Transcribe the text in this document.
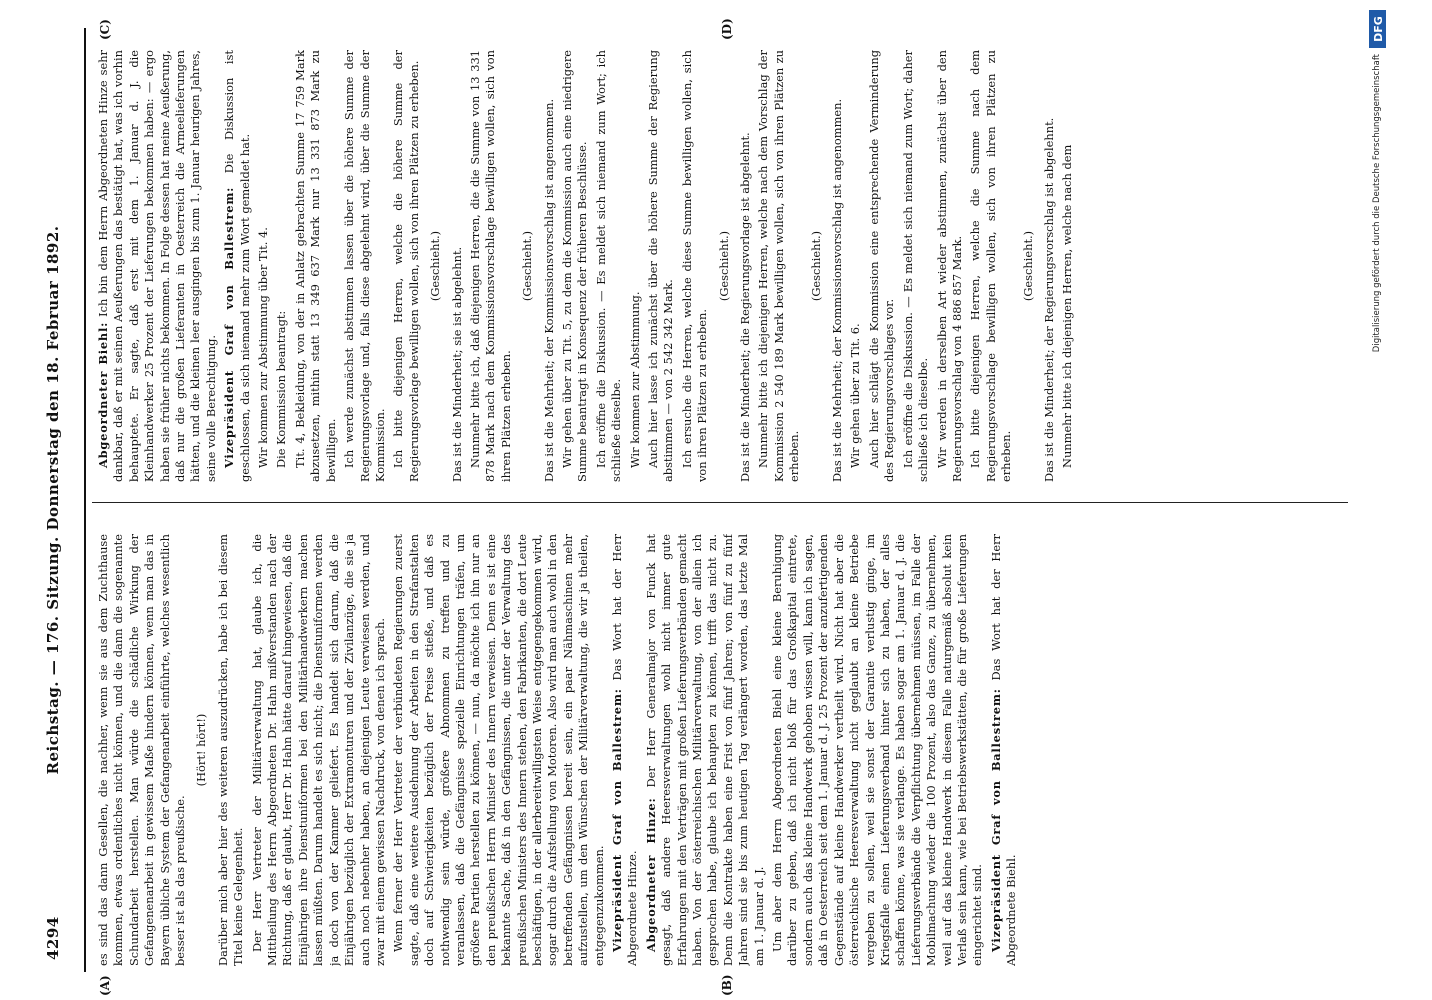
4294
Reichstag. — 176. Sitzung. Donnerstag den 18. Februar 1892.
(A)	(B)
(C)	(D)

es sind das dann Gesellen, die nachher, wenn sie aus dem Zuchthause kommen, etwas ordentliches nicht können, und die dann die sogenannte Schundarbeit herstellen. Man würde die schädliche Wirkung der Gefangenenarbeit in gewissem Maße hindern können, wenn man das in Bayern übliche System der Gefangenarbeit einführte, welches wesentlich besser ist als das preußische.

(Hört! hört!) Darüber mich aber hier des weiteren auszudrücken, habe ich bei diesem Titel keine Gelegenheit. Der Herr Vertreter der Militärverwaltung hat, glaube ich, die Mittheilung des Herrn Abgeordneten Dr. Hahn mißverstanden nach der Richtung, daß er glaubt, Herr Dr. Hahn hätte darauf hingewiesen, daß die Einjährigen ihre Dienstuniformen bei den Militärhandwerkern machen lassen müßten. Darum handelt es sich nicht; die Dienstuniformen werden ja doch von der Kammer geliefert. Es handelt sich darum, daß die Einjährigen bezüglich der Extramonturen und der Zivilanzüge, die sie ja auch noch nebenher haben, an diejenigen Leute verwiesen werden, und zwar mit einem gewissen Nachdruck, von denen ich sprach. Wenn ferner der Herr Vertreter der verbündeten Regierungen zuerst sagte, daß eine weitere Ausdehnung der Arbeiten in den Strafanstalten doch auf Schwierigkeiten bezüglich der Preise stieße, und daß es nothwendig sein würde, größere Abnommen zu treffen und zu veranlassen, daß die Gefängnisse spezielle Einrichtungen träfen, um größere Partien herstellen zu können, — nun, da möchte ich ihn nur an den preußischen Herrn Minister des Innern verweisen. Denn es ist eine bekannte Sache, daß in den Gefängnissen, die unter der Verwaltung des preußischen Ministers des Innern stehen, den Fabrikanten, die dort Leute beschäftigen, in der allerbereitwilligsten Weise entgegengekommen wird, sogar durch die Aufstellung von Motoren. Also wird man auch wohl in den betreffenden Gefängnissen bereit sein, ein paar Nähmaschinen mehr aufzustellen, um den Wünschen der Militärverwaltung, die wir ja theilen, entgegenzukommen. Vizepräsident Graf von Ballestrem: Das Wort hat der Herr Abgeordnete Hinze. Abgeordneter Hinze: Der Herr Generalmajor von Funck hat gesagt, daß andere Heeresverwaltungen wohl nicht immer gute Erfahrungen mit den Verträgen mit großen Lieferungsverbänden gemacht haben. Von der österreichischen Militärverwaltung, von der allein ich gesprochen habe, glaube ich behaupten zu können, trifft das nicht zu. Denn die Kontrakte haben eine Frist von fünf Jahren; von fünf zu fünf Jahren sind sie bis zum heutigen Tag verlängert worden, das letzte Mal am 1. Januar d. J. Um aber dem Herrn Abgeordneten Biehl eine kleine Beruhigung darüber zu geben, daß ich nicht bloß für das Großkapital eintrete, sondern auch das kleine Handwerk gehoben wissen will, kann ich sagen, daß in Oesterreich seit dem 1. Januar d. J. 25 Prozent der anzufertigenden Gegenstände auf kleine Handwerker vertheilt wird. Nicht hat aber die österreichische Heeresverwaltung nicht geglaubt an kleine Betriebe vergeben zu sollen, weil sie sonst der Garantie verlustig ginge, im Kriegsfalle einen Lieferungsverband hinter sich zu haben, der alles schaffen könne, was sie verlange. Es haben sogar am 1. Januar d. J. die Lieferungsverbände die Verpflichtung übernehmen müssen, im Falle der Mobilmachung wieder die 100 Prozent, also das Ganze, zu übernehmen, weil auf das kleine Handwerk in diesem Falle naturgemäß absolut kein Verlaß sein kann, wie bei Betriebswerkstätten, die für große Lieferungen eingerichtet sind. Vizepräsident Graf von Ballestrem: Das Wort hat der Herr Abgeordnete Biehl.

Abgeordneter Biehl: Ich bin dem Herrn Abgeordneten Hinze sehr dankbar, daß er mit seinen Aeußerungen das bestätigt hat, was ich vorhin behauptete. Er sagte, daß erst mit dem 1. Januar d. J. die Kleinhandwerker 25 Prozent der Lieferungen bekommen haben: — ergo haben sie früher nichts bekommen. In Folge dessen hat meine Aeußerung, daß nur die großen Lieferanten in Oesterreich die Armeelieferungen hätten, und die kleinen leer ausgingen bis zum 1. Januar heurigen Jahres, seine volle Berechtigung. Vizepräsident Graf von Ballestrem: Die Diskussion ist geschlossen, da sich niemand mehr zum Wort gemeldet hat. Wir kommen zur Abstimmung über Tit. 4. Die Kommission beantragt: Tit. 4, Bekleidung, von der in Anlatz gebrachten Summe 17 759 Mark abzusetzen, mithin statt 13 349 637 Mark nur 13 331 873 Mark zu bewilligen. Ich werde zunächst abstimmen lassen über die höhere Summe der Regierungsvorlage und, falls diese abgelehnt wird, über die Summe der Kommission. Ich bitte diejenigen Herren, welche die höhere Summe der Regierungsvorlage bewilligen wollen, sich von ihren Plätzen zu erheben. (Geschieht.) Das ist die Minderheit; sie ist abgelehnt. Nunmehr bitte ich, daß diejenigen Herren, die die Summe von 13 331 878 Mark nach dem Kommissionsvorschlage bewilligen wollen, sich von ihren Plätzen erheben.

(Geschieht.) Das ist die Mehrheit; der Kommissionsvorschlag ist angenommen. Wir gehen über zu Tit. 5, zu dem die Kommission auch eine niedrigere Summe beantragt in Konsequenz der früheren Beschlüsse. Ich eröffne die Diskussion. — Es meldet sich niemand zum Wort; ich schließe dieselbe. Wir kommen zur Abstimmung. Auch hier lasse ich zunächst über die höhere Summe der Regierung abstimmen — von 2 542 342 Mark. Ich ersuche die Herren, welche diese Summe bewilligen wollen, sich von ihren Plätzen zu erheben.

(Geschieht.) Das ist die Minderheit; die Regierungsvorlage ist abgelehnt. Nunmehr bitte ich diejenigen Herren, welche nach dem Vorschlag der Kommission 2 540 189 Mark bewilligen wollen, sich von ihren Plätzen zu erheben.

(Geschieht.) Das ist die Mehrheit; der Kommissionsvorschlag ist angenommen. Wir gehen über zu Tit. 6. Auch hier schlägt die Kommission eine entsprechende Verminderung des Regierungsvorschlages vor. Ich eröffne die Diskussion. — Es meldet sich niemand zum Wort; daher schließe ich dieselbe. Wir werden in derselben Art wieder abstimmen, zunächst über den Regierungsvorschlag von 4 886 857 Mark. Ich bitte diejenigen Herren, welche die Summe nach dem Regierungsvorschlage bewilligen wollen, sich von ihren Plätzen zu erheben.

(Geschieht.) Das ist die Minderheit; der Regierungsvorschlag ist abgelehnt. Nunmehr bitte ich diejenigen Herren, welche nach dem	Digitalisierung gefördert durch die Deutsche Forschungsgemeinschaft
DFG
